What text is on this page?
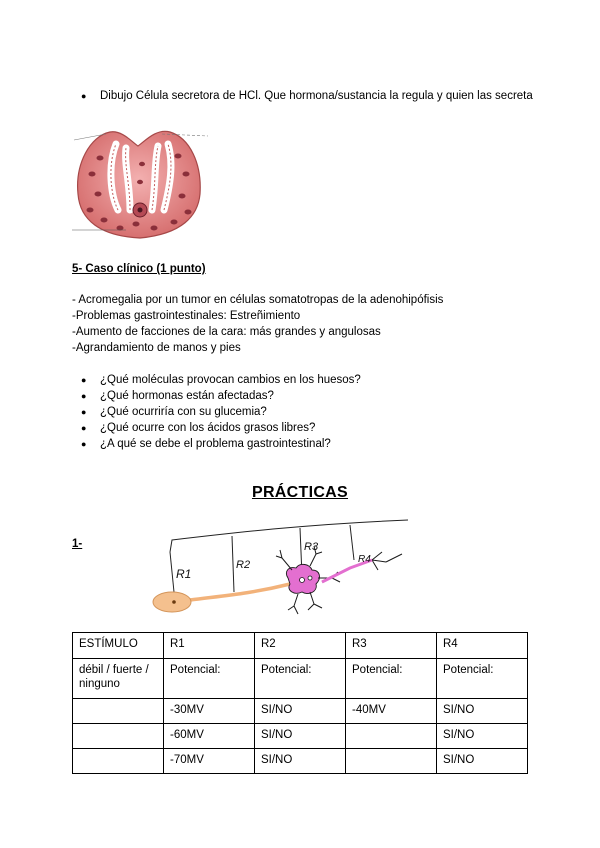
● Dibujo Célula secretora de HCl. Que hormona/sustancia la regula y quien las secreta
5- Caso clínico (1 punto)
- Acromegalia por un tumor en células somatotropas de la adenohipófisis
-Problemas gastrointestinales: Estreñimiento
-Aumento de facciones de la cara: más grandes y angulosas
-Agrandamiento de manos y pies
● ¿Qué moléculas provocan cambios en los huesos?
● ¿Qué hormonas están afectadas?
● ¿Qué ocurriría con su glucemia?
● ¿Qué ocurre con los ácidos grasos libres?
● ¿A qué se debe el problema gastrointestinal?
PRÁCTICAS
1-
R1
R2
R3
R4
ESTÍMULO	R1	R2	R3	R4
débil / fuerte / ninguno	Potencial:	Potencial:	Potencial:	Potencial:
	-30MV	SI/NO	-40MV	SI/NO
	-60MV	SI/NO		SI/NO
	-70MV	SI/NO		SI/NO
